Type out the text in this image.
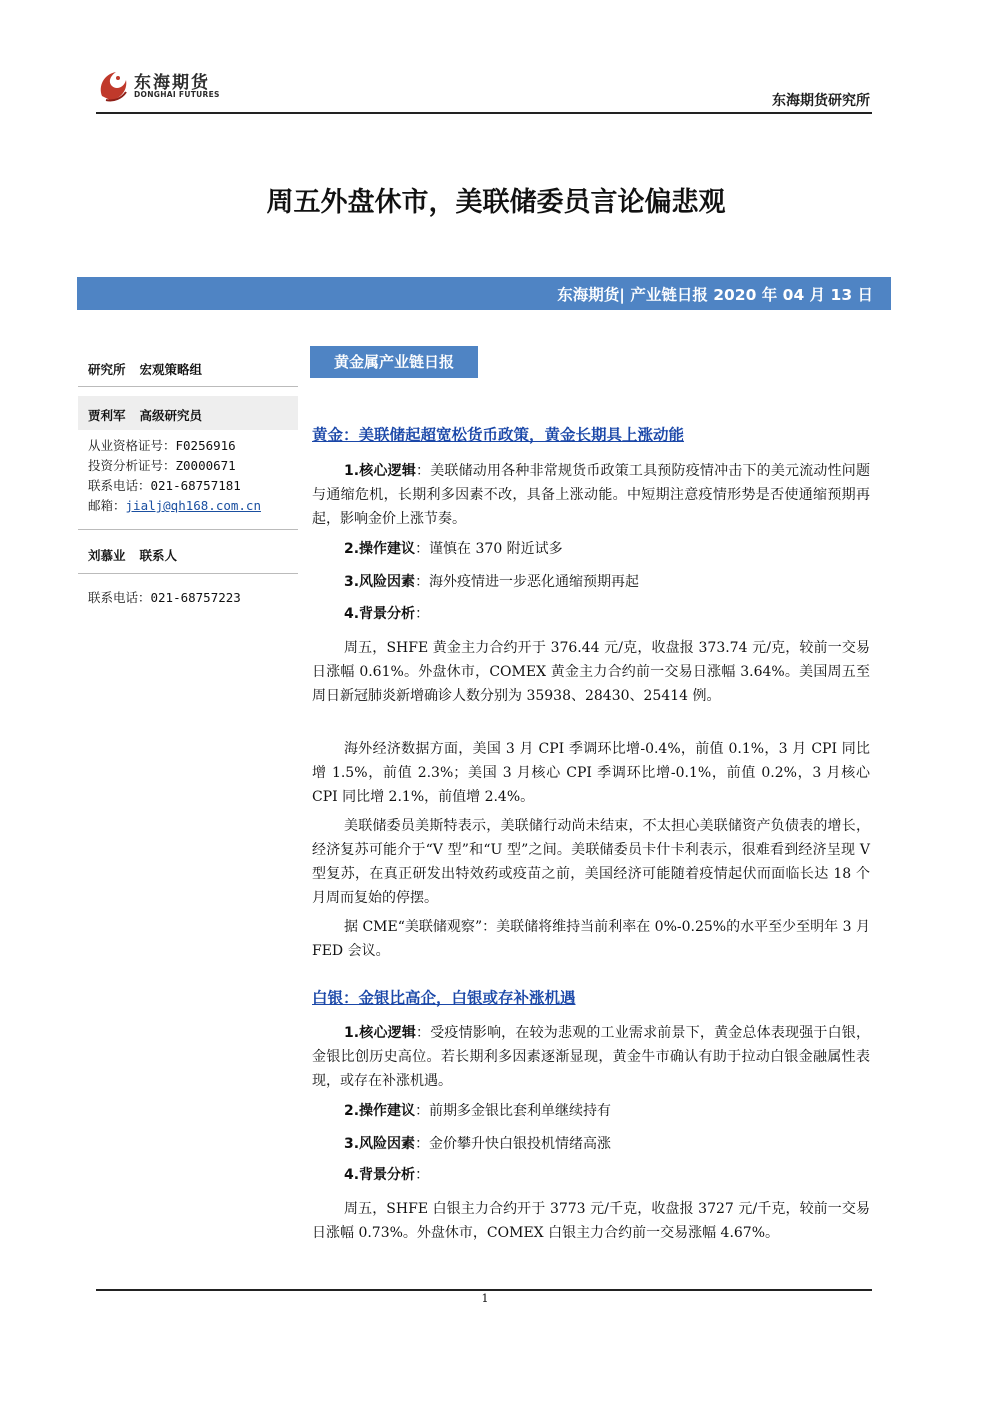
东海期货
DONGHAI FUTURES	东海期货研究所
周五外盘休市，美联储委员言论偏悲观
东海期货| 产业链日报 2020 年 04 月 13 日
研究所 宏观策略组
贾利军 高级研究员
从业资格证号：F0256916
投资分析证号：Z0000671
联系电话：021-68757181
邮箱：jialj@qh168.com.cn
刘慕业 联系人
联系电话：021-68757223
黄金属产业链日报
黄金：美联储起超宽松货币政策，黄金长期具上涨动能
1.核心逻辑：美联储动用各种非常规货币政策工具预防疫情冲击下的美元流动性问题与通缩危机，长期利多因素不改，具备上涨动能。中短期注意疫情形势是否使通缩预期再起，影响金价上涨节奏。
2.操作建议：谨慎在 370 附近试多
3.风险因素：海外疫情进一步恶化通缩预期再起
4.背景分析：
周五，SHFE 黄金主力合约开于 376.44 元/克，收盘报 373.74 元/克，较前一交易日涨幅 0.61%。外盘休市，COMEX 黄金主力合约前一交易日涨幅 3.64%。美国周五至周日新冠肺炎新增确诊人数分别为 35938、28430、25414 例。
海外经济数据方面，美国 3 月 CPI 季调环比增-0.4%，前值 0.1%，3 月 CPI 同比增 1.5%，前值 2.3%；美国 3 月核心 CPI 季调环比增-0.1%，前值 0.2%，3 月核心 CPI 同比增 2.1%，前值增 2.4%。
美联储委员美斯特表示，美联储行动尚未结束，不太担心美联储资产负债表的增长，经济复苏可能介于“V 型”和“U 型”之间。美联储委员卡什卡利表示，很难看到经济呈现 V 型复苏，在真正研发出特效药或疫苗之前，美国经济可能随着疫情起伏而面临长达 18 个月周而复始的停摆。
据 CME“美联储观察”：美联储将维持当前利率在 0%-0.25%的水平至少至明年 3 月 FED 会议。
白银：金银比高企，白银或存补涨机遇
1.核心逻辑：受疫情影响，在较为悲观的工业需求前景下，黄金总体表现强于白银，金银比创历史高位。若长期利多因素逐渐显现，黄金牛市确认有助于拉动白银金融属性表现，或存在补涨机遇。
2.操作建议：前期多金银比套利单继续持有
3.风险因素：金价攀升快白银投机情绪高涨
4.背景分析：
周五，SHFE 白银主力合约开于 3773 元/千克，收盘报 3727 元/千克，较前一交易日涨幅 0.73%。外盘休市，COMEX 白银主力合约前一交易涨幅 4.67%。
1
